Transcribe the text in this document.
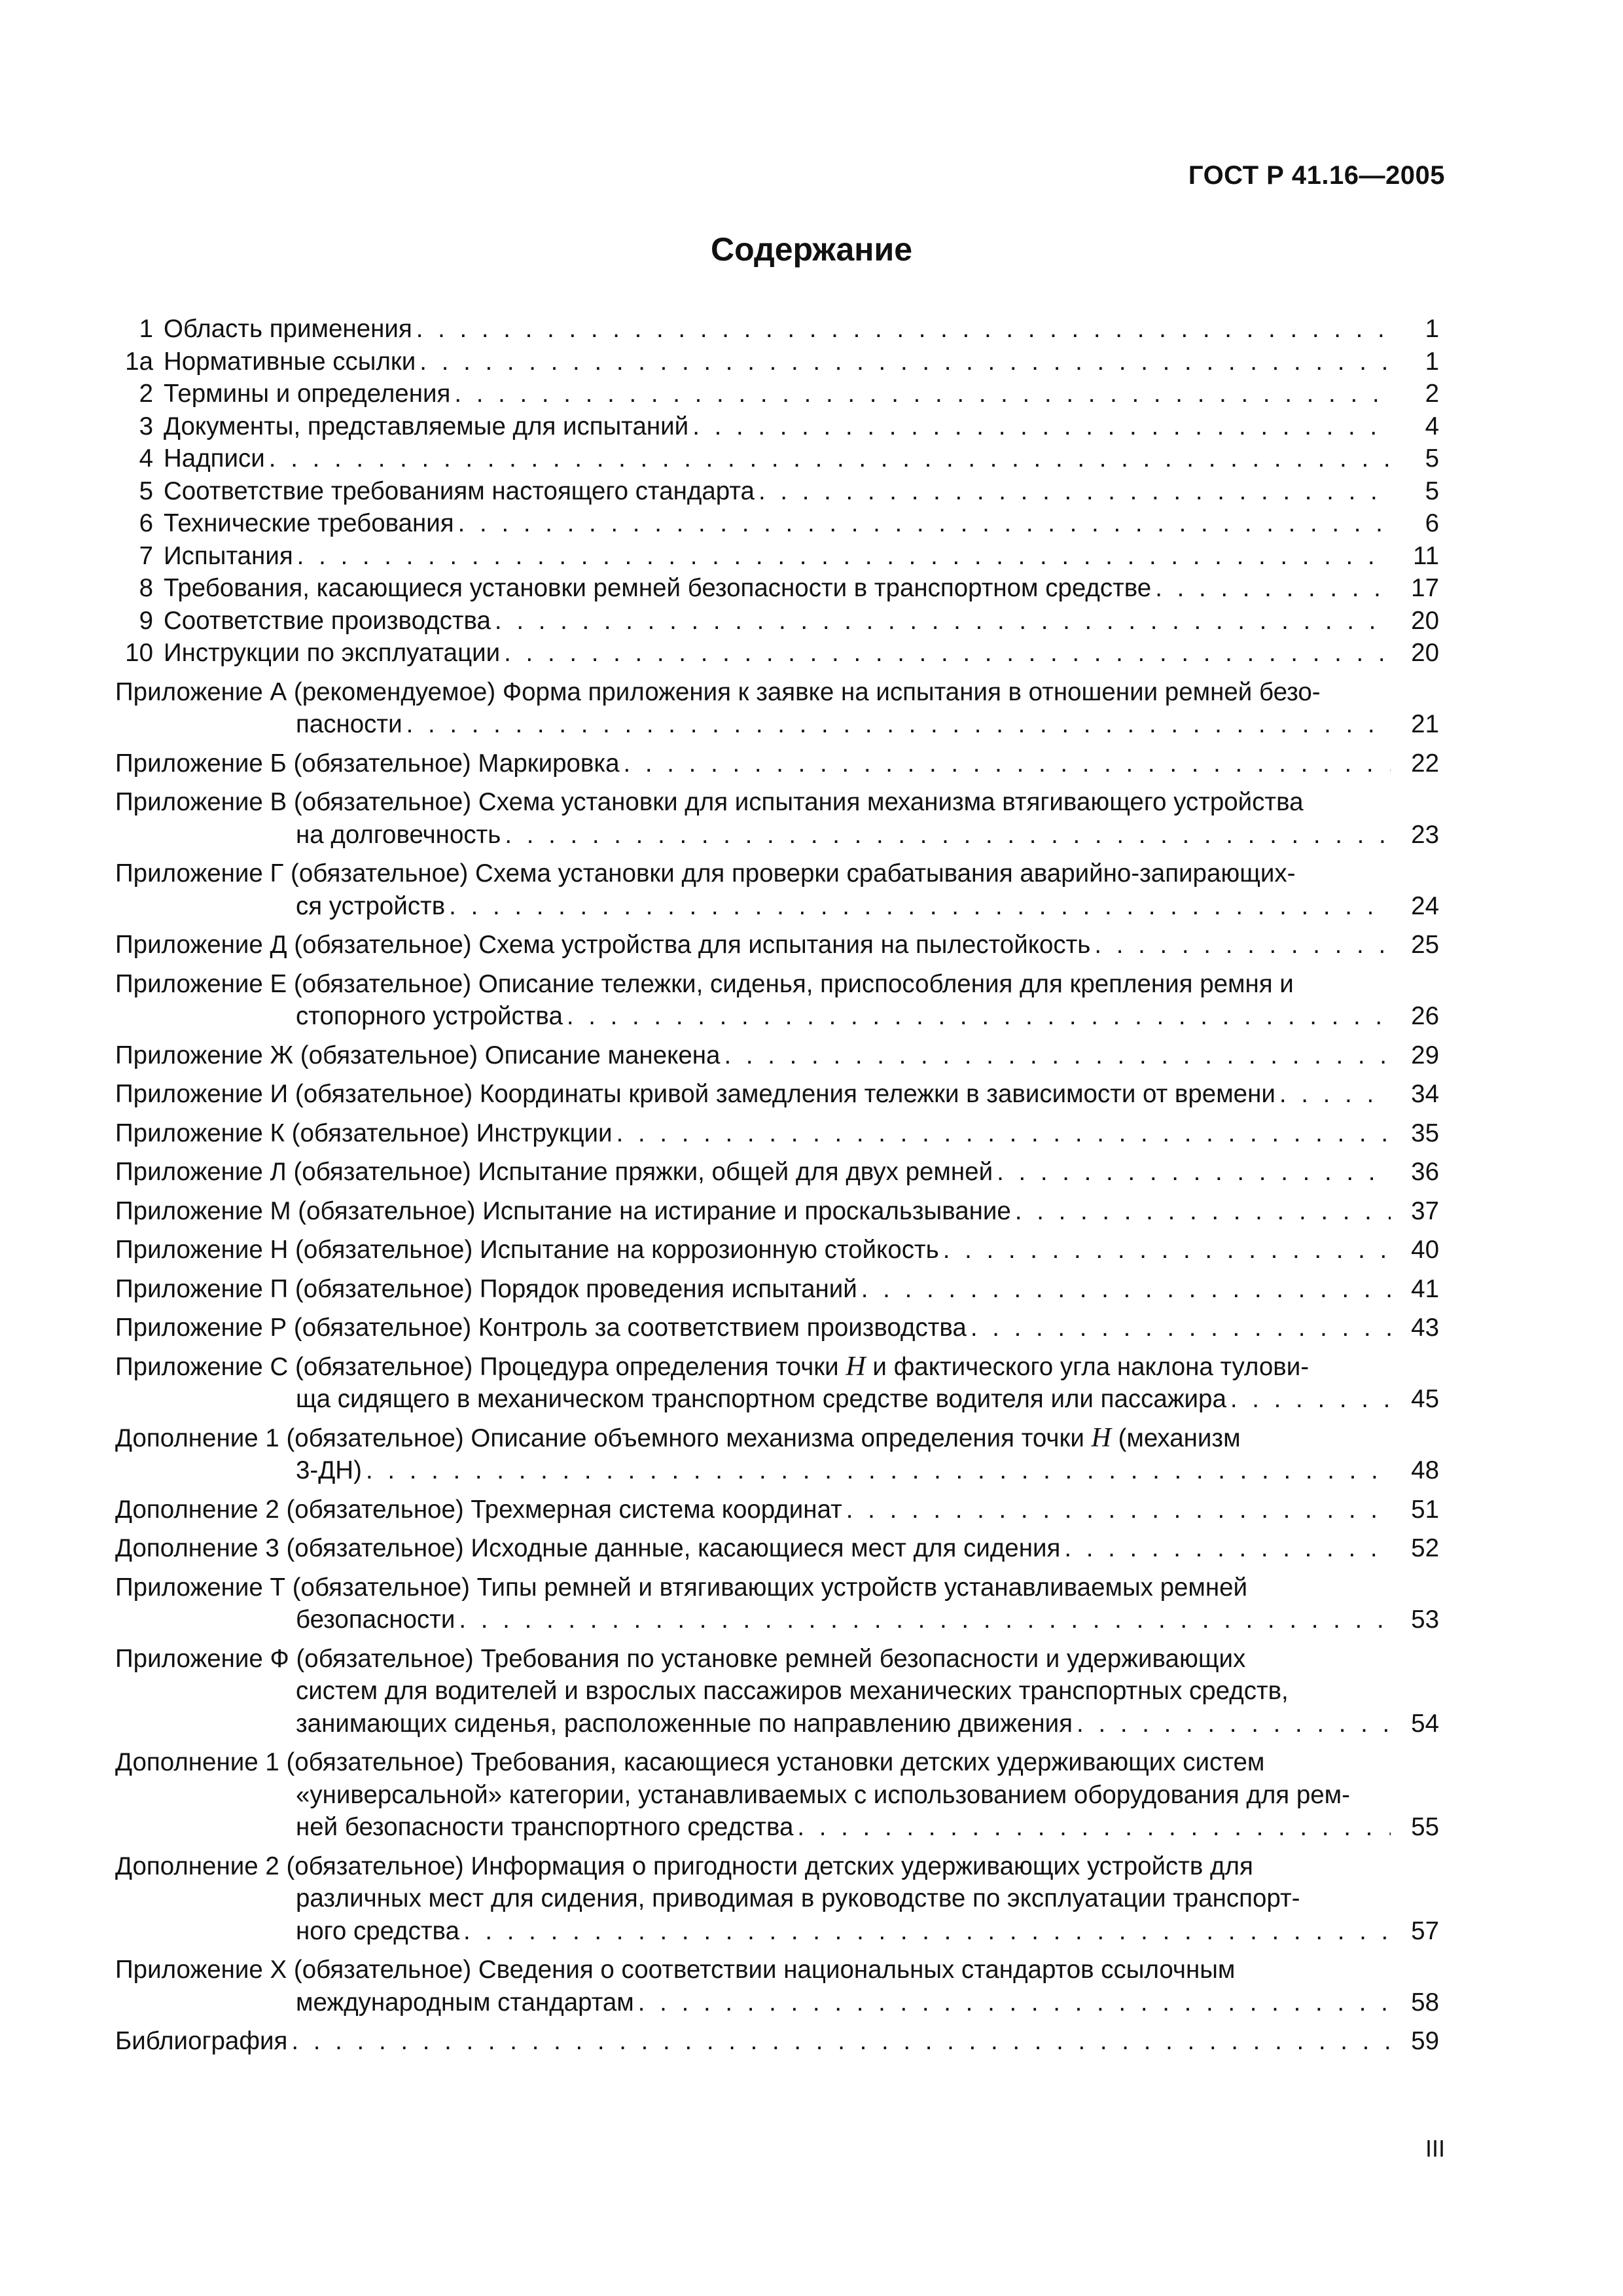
ГОСТ Р 41.16—2005
Содержание
1 Область применения . . .	1
1а Нормативные ссылки . . .	1
2 Термины и определения . . .	2
3 Документы, представляемые для испытаний . . .	4
4 Надписи . . .	5
5 Соответствие требованиям настоящего стандарта . . .	5
6 Технические требования . . .	6
7 Испытания . . .	11
8 Требования, касающиеся установки ремней безопасности в транспортном средстве . . .	17
9 Соответствие производства . . .	20
10 Инструкции по эксплуатации . . .	20
Приложение А (рекомендуемое) Форма приложения к заявке на испытания в отношении ремней безо-
пасности . . .	21
Приложение Б (обязательное) Маркировка . . .	22
Приложение В (обязательное) Схема установки для испытания механизма втягивающего устройства
на долговечность . . .	23
Приложение Г (обязательное) Схема установки для проверки срабатывания аварийно-запирающих-
ся устройств . . .	24
Приложение Д (обязательное) Схема устройства для испытания на пылестойкость . . .	25
Приложение Е (обязательное) Описание тележки, сиденья, приспособления для крепления ремня и
стопорного устройства . . .	26
Приложение Ж (обязательное) Описание манекена . . .	29
Приложение И (обязательное) Координаты кривой замедления тележки в зависимости от времени . . .	34
Приложение К (обязательное) Инструкции . . .	35
Приложение Л (обязательное) Испытание пряжки, общей для двух ремней . . .	36
Приложение М (обязательное) Испытание на истирание и проскальзывание . . .	37
Приложение Н (обязательное) Испытание на коррозионную стойкость . . .	40
Приложение П (обязательное) Порядок проведения испытаний . . .	41
Приложение Р (обязательное) Контроль за соответствием производства . . .	43
Приложение С (обязательное) Процедура определения точки H и фактического угла наклона тулови-
ща сидящего в механическом транспортном средстве водителя или пассажира . . .	45
Дополнение 1 (обязательное) Описание объемного механизма определения точки H (механизм
3-ДН) . . .	48
Дополнение 2 (обязательное) Трехмерная система координат . . .	51
Дополнение 3 (обязательное) Исходные данные, касающиеся мест для сидения . . .	52
Приложение Т (обязательное) Типы ремней и втягивающих устройств устанавливаемых ремней
безопасности . . .	53
Приложение Ф (обязательное) Требования по установке ремней безопасности и удерживающих
систем для водителей и взрослых пассажиров механических транспортных средств,
занимающих сиденья, расположенные по направлению движения . . .	54
Дополнение 1 (обязательное) Требования, касающиеся установки детских удерживающих систем
«универсальной» категории, устанавливаемых с использованием оборудования для рем-
ней безопасности транспортного средства . . .	55
Дополнение 2 (обязательное) Информация о пригодности детских удерживающих устройств для
различных мест для сидения, приводимая в руководстве по эксплуатации транспорт-
ного средства . . .	57
Приложение Х (обязательное) Сведения о соответствии национальных стандартов ссылочным
международным стандартам . . .	58
Библиография . . .	59
III
